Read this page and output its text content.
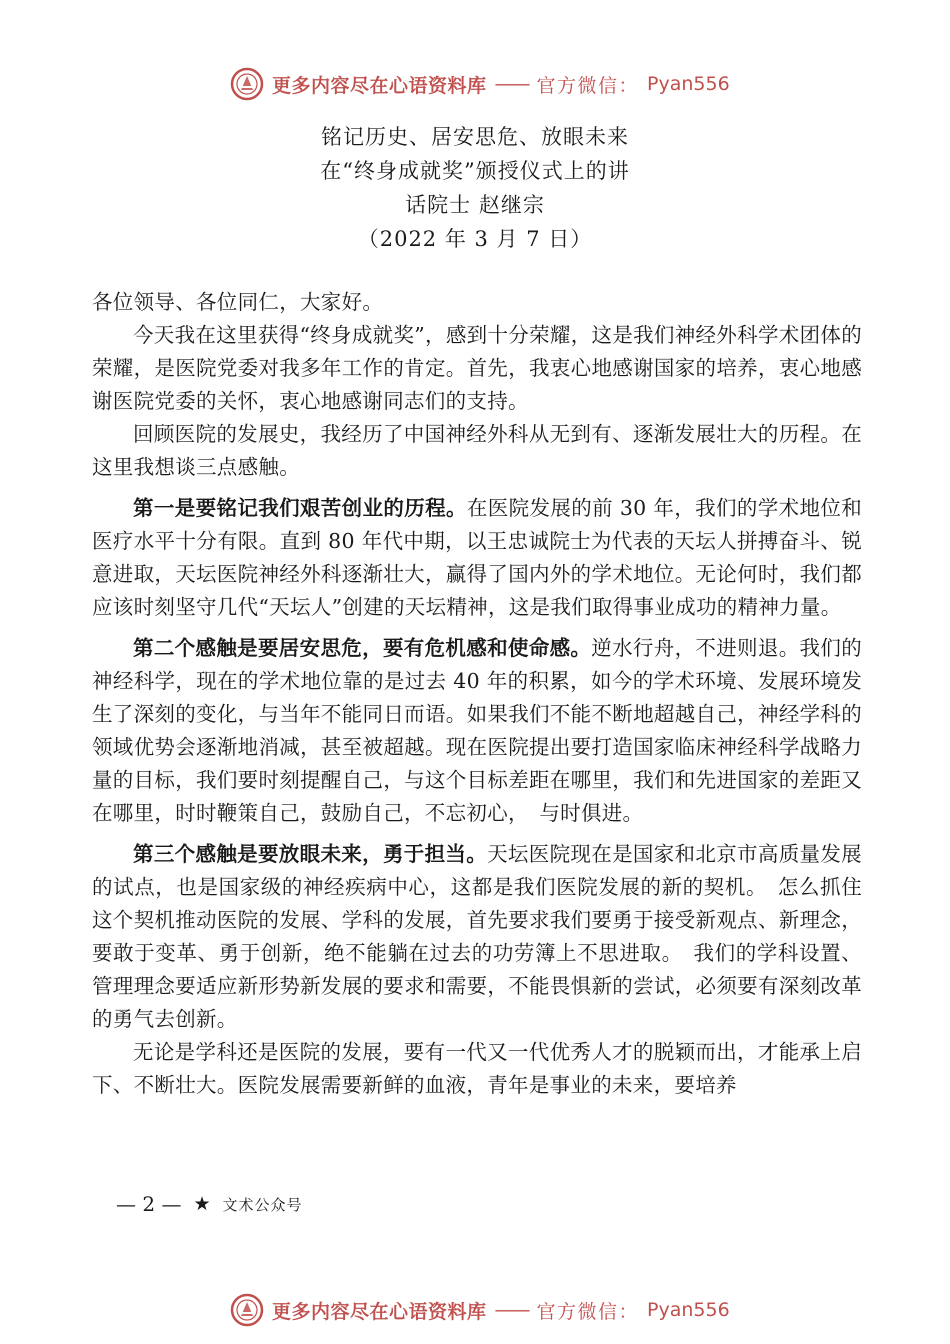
更多内容尽在心语资料库 —— 官方微信： Pyan556
铭记历史、居安思危、放眼未来
在“终身成就奖”颁授仪式上的讲
话院士 赵继宗
（2022 年 3 月 7 日）

各位领导、各位同仁，大家好。

今天我在这里获得“终身成就奖”，感到十分荣耀，这是我们神经外科学术团体的荣耀，是医院党委对我多年工作的肯定。首先，我衷心地感谢国家的培养，衷心地感谢医院党委的关怀，衷心地感谢同志们的支持。

回顾医院的发展史，我经历了中国神经外科从无到有、逐渐发展壮大的历程。在这里我想谈三点感触。

第一是要铭记我们艰苦创业的历程。在医院发展的前 30 年，我们的学术地位和医疗水平十分有限。直到 80 年代中期，以王忠诚院士为代表的天坛人拼搏奋斗、锐意进取，天坛医院神经外科逐渐壮大，赢得了国内外的学术地位。无论何时，我们都应该时刻坚守几代“天坛人”创建的天坛精神，这是我们取得事业成功的精神力量。

第二个感触是要居安思危，要有危机感和使命感。逆水行舟，不进则退。我们的神经科学，现在的学术地位靠的是过去 40 年的积累，如今的学术环境、发展环境发生了深刻的变化，与当年不能同日而语。如果我们不能不断地超越自己，神经学科的领域优势会逐渐地消减，甚至被超越。现在医院提出要打造国家临床神经科学战略力量的目标，我们要时刻提醒自己，与这个目标差距在哪里，我们和先进国家的差距又在哪里，时时鞭策自己，鼓励自己，不忘初心，　与时俱进。

第三个感触是要放眼未来，勇于担当。天坛医院现在是国家和北京市高质量发展的试点，也是国家级的神经疾病中心，这都是我们医院发展的新的契机。　怎么抓住这个契机推动医院的发展、学科的发展，首先要求我们要勇于接受新观点、新理念，要敢于变革、勇于创新，绝不能躺在过去的功劳簿上不思进取。　我们的学科设置、管理理念要适应新形势新发展的要求和需要，不能畏惧新的尝试，必须要有深刻改革的勇气去创新。

无论是学科还是医院的发展，要有一代又一代优秀人才的脱颖而出，才能承上启下、不断壮大。医院发展需要新鲜的血液，青年是事业的未来，要培养

— 2 — ★ 文术公众号
更多内容尽在心语资料库 —— 官方微信： Pyan556
